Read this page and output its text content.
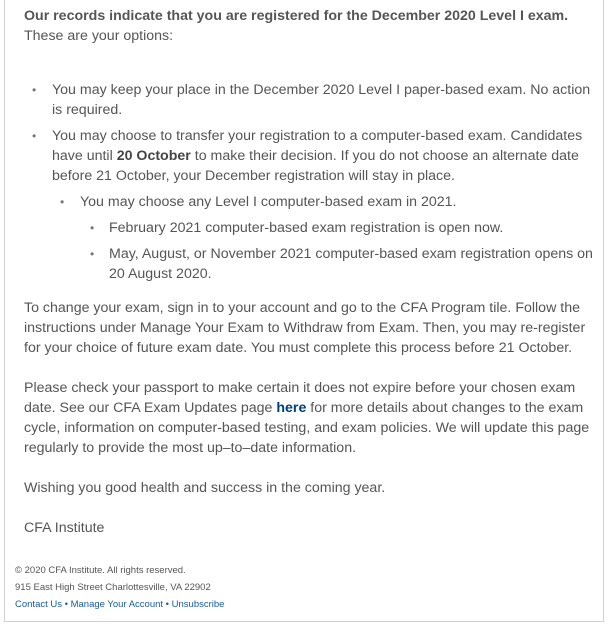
Our records indicate that you are registered for the December 2020 Level I exam.
These are your options:

• You may keep your place in the December 2020 Level I paper-based exam. No action is required.
• You may choose to transfer your registration to a computer-based exam. Candidates have until 20 October to make their decision. If you do not choose an alternate date before 21 October, your December registration will stay in place.
• You may choose any Level I computer-based exam in 2021.
• February 2021 computer-based exam registration is open now.
• May, August, or November 2021 computer-based exam registration opens on 20 August 2020.

To change your exam, sign in to your account and go to the CFA Program tile. Follow the instructions under Manage Your Exam to Withdraw from Exam. Then, you may re-register for your choice of future exam date. You must complete this process before 21 October.

Please check your passport to make certain it does not expire before your chosen exam date. See our CFA Exam Updates page here for more details about changes to the exam cycle, information on computer-based testing, and exam policies. We will update this page regularly to provide the most up–to–date information.

Wishing you good health and success in the coming year.

CFA Institute

© 2020 CFA Institute. All rights reserved.
915 East High Street Charlottesville, VA 22902
Contact Us • Manage Your Account • Unsubscribe
